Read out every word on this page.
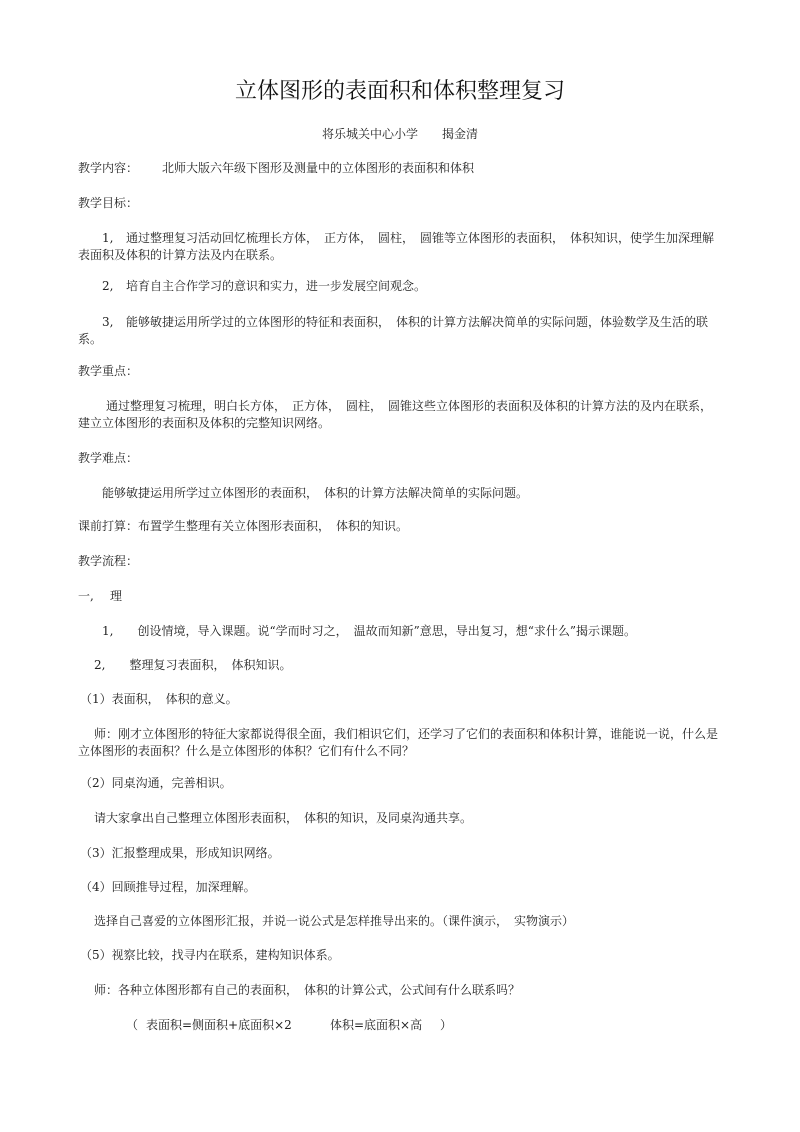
立体图形的表面积和体积整理复习
将乐城关中心小学　　揭金清
教学内容： 北师大版六年级下图形及测量中的立体图形的表面积和体积
教学目标：
1, 通过整理复习活动回忆梳理长方体，　正方体，　圆柱，　圆锥等立体图形的表面积，　体积知识，使学生加深理解
表面积及体积的计算方法及内在联系。
2, 培育自主合作学习的意识和实力，进一步发展空间观念。
3, 能够敏捷运用所学过的立体图形的特征和表面积，　体积的计算方法解决简单的实际问题，体验数学及生活的联
系。
教学重点：
通过整理复习梳理，明白长方体，　正方体，　圆柱，　圆锥这些立体图形的表面积及体积的计算方法的及内在联系，
建立立体图形的表面积及体积的完整知识网络。
教学难点：
能够敏捷运用所学过立体图形的表面积，　体积的计算方法解决简单的实际问题。
课前打算：布置学生整理有关立体图形表面积，　体积的知识。
教学流程：
一, 理
1,　　创设情境，导入课题。说“学而时习之，　温故而知新”意思，导出复习，想“求什么”揭示课题。
2,　　整理复习表面积，　体积知识。
（1）表面积，　体积的意义。
师：刚才立体图形的特征大家都说得很全面，我们相识它们，还学习了它们的表面积和体积计算，谁能说一说，什么是
立体图形的表面积？什么是立体图形的体积？它们有什么不同？
（2）同桌沟通，完善相识。
请大家拿出自己整理立体图形表面积，　体积的知识，及同桌沟通共享。
（3）汇报整理成果，形成知识网络。
（4）回顾推导过程，加深理解。
选择自己喜爱的立体图形汇报，并说一说公式是怎样推导出来的。（课件演示，　实物演示）
（5）视察比较，找寻内在联系，建构知识体系。
师：各种立体图形都有自己的表面积，　体积的计算公式，公式间有什么联系吗？
（ 表面积=侧面积+底面积×2	体积=底面积×高 ）
